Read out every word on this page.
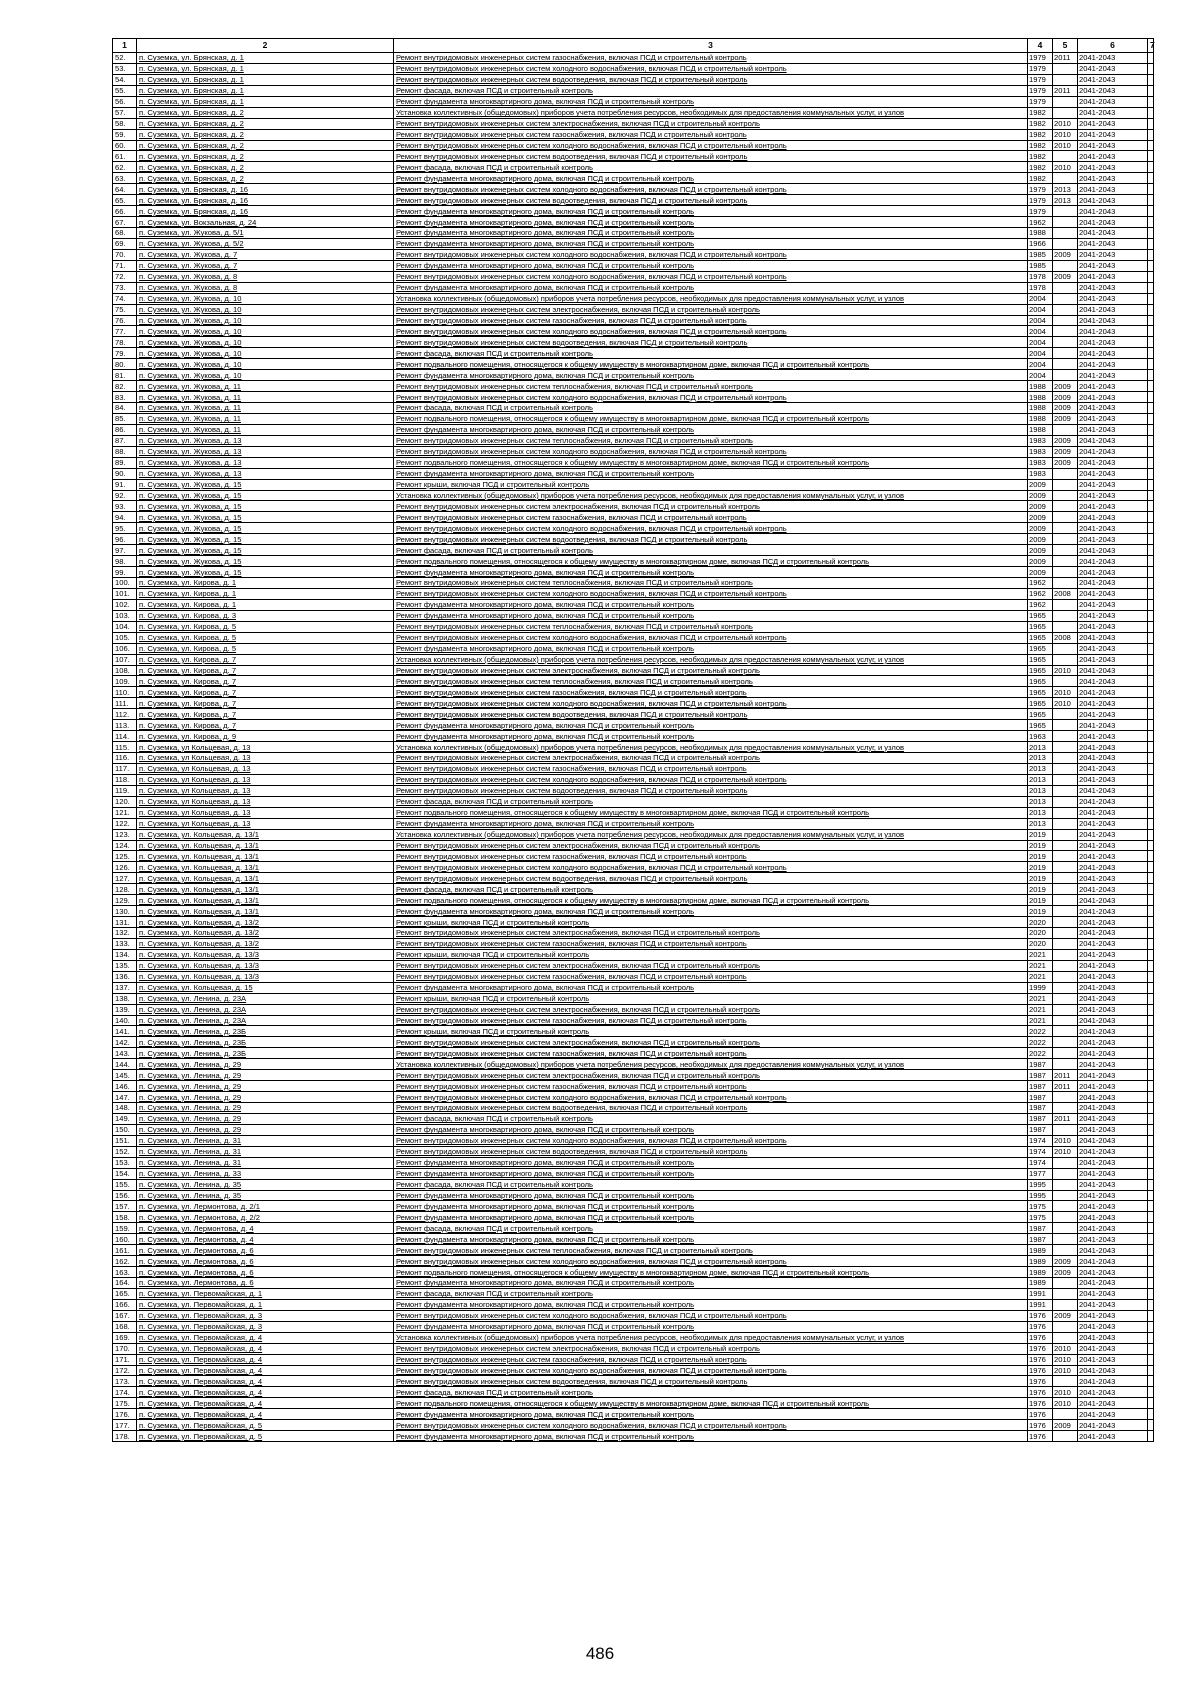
1	2	3	4	5	6	7
52.	п. Суземка, ул. Брянская, д. 1	Ремонт внутридомовых инженерных систем газоснабжения, включая ПСД и строительный контроль	1979	2011	2041-2043	
53.	п. Суземка, ул. Брянская, д. 1	Ремонт внутридомовых инженерных систем холодного водоснабжения, включая ПСД и строительный контроль	1979		2041-2043	
54.	п. Суземка, ул. Брянская, д. 1	Ремонт внутридомовых инженерных систем водоотведения, включая ПСД и строительный контроль	1979		2041-2043	
55.	п. Суземка, ул. Брянская, д. 1	Ремонт фасада, включая ПСД и строительный контроль	1979	2011	2041-2043	
56.	п. Суземка, ул. Брянская, д. 1	Ремонт фундамента многоквартирного дома, включая ПСД и строительный контроль	1979		2041-2043	
57.	п. Суземка, ул. Брянская, д. 2	Установка коллективных (общедомовых) приборов учета потребления ресурсов, необходимых для предоставления коммунальных услуг, и узлов	1982		2041-2043	
58.	п. Суземка, ул. Брянская, д. 2	Ремонт внутридомовых инженерных систем электроснабжения, включая ПСД и строительный контроль	1982	2010	2041-2043	
59.	п. Суземка, ул. Брянская, д. 2	Ремонт внутридомовых инженерных систем газоснабжения, включая ПСД и строительный контроль	1982	2010	2041-2043	
60.	п. Суземка, ул. Брянская, д. 2	Ремонт внутридомовых инженерных систем холодного водоснабжения, включая ПСД и строительный контроль	1982	2010	2041-2043	
61.	п. Суземка, ул. Брянская, д. 2	Ремонт внутридомовых инженерных систем водоотведения, включая ПСД и строительный контроль	1982		2041-2043	
62.	п. Суземка, ул. Брянская, д. 2	Ремонт фасада, включая ПСД и строительный контроль	1982	2010	2041-2043	
63.	п. Суземка, ул. Брянская, д. 2	Ремонт фундамента многоквартирного дома, включая ПСД и строительный контроль	1982		2041-2043	
64.	п. Суземка, ул. Брянская, д. 16	Ремонт внутридомовых инженерных систем холодного водоснабжения, включая ПСД и строительный контроль	1979	2013	2041-2043	
65.	п. Суземка, ул. Брянская, д. 16	Ремонт внутридомовых инженерных систем водоотведения, включая ПСД и строительный контроль	1979	2013	2041-2043	
66.	п. Суземка, ул. Брянская, д. 16	Ремонт фундамента многоквартирного дома, включая ПСД и строительный контроль	1979		2041-2043	
67.	п. Суземка, ул. Вокзальная, д. 24	Ремонт фундамента многоквартирного дома, включая ПСД и строительный контроль	1962		2041-2043	
68.	п. Суземка, ул. Жукова, д. 5/1	Ремонт фундамента многоквартирного дома, включая ПСД и строительный контроль	1988		2041-2043	
69.	п. Суземка, ул. Жукова, д. 5/2	Ремонт фундамента многоквартирного дома, включая ПСД и строительный контроль	1966		2041-2043	
70.	п. Суземка, ул. Жукова, д. 7	Ремонт внутридомовых инженерных систем холодного водоснабжения, включая ПСД и строительный контроль	1985	2009	2041-2043	
71.	п. Суземка, ул. Жукова, д. 7	Ремонт фундамента многоквартирного дома, включая ПСД и строительный контроль	1985		2041-2043	
72.	п. Суземка, ул. Жукова, д. 8	Ремонт внутридомовых инженерных систем холодного водоснабжения, включая ПСД и строительный контроль	1978	2009	2041-2043	
73.	п. Суземка, ул. Жукова, д. 8	Ремонт фундамента многоквартирного дома, включая ПСД и строительный контроль	1978		2041-2043	
74.	п. Суземка, ул. Жукова, д. 10	Установка коллективных (общедомовых) приборов учета потребления ресурсов, необходимых для предоставления коммунальных услуг, и узлов	2004		2041-2043	
75.	п. Суземка, ул. Жукова, д. 10	Ремонт внутридомовых инженерных систем электроснабжения, включая ПСД и строительный контроль	2004		2041-2043	
76.	п. Суземка, ул. Жукова, д. 10	Ремонт внутридомовых инженерных систем газоснабжения, включая ПСД и строительный контроль	2004		2041-2043	
77.	п. Суземка, ул. Жукова, д. 10	Ремонт внутридомовых инженерных систем холодного водоснабжения, включая ПСД и строительный контроль	2004		2041-2043	
78.	п. Суземка, ул. Жукова, д. 10	Ремонт внутридомовых инженерных систем водоотведения, включая ПСД и строительный контроль	2004		2041-2043	
79.	п. Суземка, ул. Жукова, д. 10	Ремонт фасада, включая ПСД и строительный контроль	2004		2041-2043	
80.	п. Суземка, ул. Жукова, д. 10	Ремонт подвального помещения, относящегося к общему имуществу в многоквартирном доме, включая ПСД и строительный контроль	2004		2041-2043	
81.	п. Суземка, ул. Жукова, д. 10	Ремонт фундамента многоквартирного дома, включая ПСД и строительный контроль	2004		2041-2043	
82.	п. Суземка, ул. Жукова, д. 11	Ремонт внутридомовых инженерных систем теплоснабжения, включая ПСД и строительный контроль	1988	2009	2041-2043	
83.	п. Суземка, ул. Жукова, д. 11	Ремонт внутридомовых инженерных систем холодного водоснабжения, включая ПСД и строительный контроль	1988	2009	2041-2043	
84.	п. Суземка, ул. Жукова, д. 11	Ремонт фасада, включая ПСД и строительный контроль	1988	2009	2041-2043	
85.	п. Суземка, ул. Жукова, д. 11	Ремонт подвального помещения, относящегося к общему имуществу в многоквартирном доме, включая ПСД и строительный контроль	1988	2009	2041-2043	
86.	п. Суземка, ул. Жукова, д. 11	Ремонт фундамента многоквартирного дома, включая ПСД и строительный контроль	1988		2041-2043	
87.	п. Суземка, ул. Жукова, д. 13	Ремонт внутридомовых инженерных систем теплоснабжения, включая ПСД и строительный контроль	1983	2009	2041-2043	
88.	п. Суземка, ул. Жукова, д. 13	Ремонт внутридомовых инженерных систем холодного водоснабжения, включая ПСД и строительный контроль	1983	2009	2041-2043	
89.	п. Суземка, ул. Жукова, д. 13	Ремонт подвального помещения, относящегося к общему имуществу в многоквартирном доме, включая ПСД и строительный контроль	1983	2009	2041-2043	
90.	п. Суземка, ул. Жукова, д. 13	Ремонт фундамента многоквартирного дома, включая ПСД и строительный контроль	1983		2041-2043	
91.	п. Суземка, ул. Жукова, д. 15	Ремонт крыши, включая ПСД и строительный контроль	2009		2041-2043	
92.	п. Суземка, ул. Жукова, д. 15	Установка коллективных (общедомовых) приборов учета потребления ресурсов, необходимых для предоставления коммунальных услуг, и узлов	2009		2041-2043	
93.	п. Суземка, ул. Жукова, д. 15	Ремонт внутридомовых инженерных систем электроснабжения, включая ПСД и строительный контроль	2009		2041-2043	
94.	п. Суземка, ул. Жукова, д. 15	Ремонт внутридомовых инженерных систем газоснабжения, включая ПСД и строительный контроль	2009		2041-2043	
95.	п. Суземка, ул. Жукова, д. 15	Ремонт внутридомовых инженерных систем холодного водоснабжения, включая ПСД и строительный контроль	2009		2041-2043	
96.	п. Суземка, ул. Жукова, д. 15	Ремонт внутридомовых инженерных систем водоотведения, включая ПСД и строительный контроль	2009		2041-2043	
97.	п. Суземка, ул. Жукова, д. 15	Ремонт фасада, включая ПСД и строительный контроль	2009		2041-2043	
98.	п. Суземка, ул. Жукова, д. 15	Ремонт подвального помещения, относящегося к общему имуществу в многоквартирном доме, включая ПСД и строительный контроль	2009		2041-2043	
99.	п. Суземка, ул. Жукова, д. 15	Ремонт фундамента многоквартирного дома, включая ПСД и строительный контроль	2009		2041-2043	
100.	п. Суземка, ул. Кирова, д. 1	Ремонт внутридомовых инженерных систем теплоснабжения, включая ПСД и строительный контроль	1962		2041-2043	
101.	п. Суземка, ул. Кирова, д. 1	Ремонт внутридомовых инженерных систем холодного водоснабжения, включая ПСД и строительный контроль	1962	2008	2041-2043	
102.	п. Суземка, ул. Кирова, д. 1	Ремонт фундамента многоквартирного дома, включая ПСД и строительный контроль	1962		2041-2043	
103.	п. Суземка, ул. Кирова, д. 3	Ремонт фундамента многоквартирного дома, включая ПСД и строительный контроль	1965		2041-2043	
104.	п. Суземка, ул. Кирова, д. 5	Ремонт внутридомовых инженерных систем теплоснабжения, включая ПСД и строительный контроль	1965		2041-2043	
105.	п. Суземка, ул. Кирова, д. 5	Ремонт внутридомовых инженерных систем холодного водоснабжения, включая ПСД и строительный контроль	1965	2008	2041-2043	
106.	п. Суземка, ул. Кирова, д. 5	Ремонт фундамента многоквартирного дома, включая ПСД и строительный контроль	1965		2041-2043	
107.	п. Суземка, ул. Кирова, д. 7	Установка коллективных (общедомовых) приборов учета потребления ресурсов, необходимых для предоставления коммунальных услуг, и узлов	1965		2041-2043	
108.	п. Суземка, ул. Кирова, д. 7	Ремонт внутридомовых инженерных систем электроснабжения, включая ПСД и строительный контроль	1965	2010	2041-2043	
109.	п. Суземка, ул. Кирова, д. 7	Ремонт внутридомовых инженерных систем теплоснабжения, включая ПСД и строительный контроль	1965		2041-2043	
110.	п. Суземка, ул. Кирова, д. 7	Ремонт внутридомовых инженерных систем газоснабжения, включая ПСД и строительный контроль	1965	2010	2041-2043	
111.	п. Суземка, ул. Кирова, д. 7	Ремонт внутридомовых инженерных систем холодного водоснабжения, включая ПСД и строительный контроль	1965	2010	2041-2043	
112.	п. Суземка, ул. Кирова, д. 7	Ремонт внутридомовых инженерных систем водоотведения, включая ПСД и строительный контроль	1965		2041-2043	
113.	п. Суземка, ул. Кирова, д. 7	Ремонт фундамента многоквартирного дома, включая ПСД и строительный контроль	1965		2041-2043	
114.	п. Суземка, ул. Кирова, д. 9	Ремонт фундамента многоквартирного дома, включая ПСД и строительный контроль	1963		2041-2043	
115.	п. Суземка, ул Кольцевая, д. 13	Установка коллективных (общедомовых) приборов учета потребления ресурсов, необходимых для предоставления коммунальных услуг, и узлов	2013		2041-2043	
116.	п. Суземка, ул Кольцевая, д. 13	Ремонт внутридомовых инженерных систем электроснабжения, включая ПСД и строительный контроль	2013		2041-2043	
117.	п. Суземка, ул Кольцевая, д. 13	Ремонт внутридомовых инженерных систем газоснабжения, включая ПСД и строительный контроль	2013		2041-2043	
118.	п. Суземка, ул Кольцевая, д. 13	Ремонт внутридомовых инженерных систем холодного водоснабжения, включая ПСД и строительный контроль	2013		2041-2043	
119.	п. Суземка, ул Кольцевая, д. 13	Ремонт внутридомовых инженерных систем водоотведения, включая ПСД и строительный контроль	2013		2041-2043	
120.	п. Суземка, ул Кольцевая, д. 13	Ремонт фасада, включая ПСД и строительный контроль	2013		2041-2043	
121.	п. Суземка, ул Кольцевая, д. 13	Ремонт подвального помещения, относящегося к общему имуществу в многоквартирном доме, включая ПСД и строительный контроль	2013		2041-2043	
122.	п. Суземка, ул Кольцевая, д. 13	Ремонт фундамента многоквартирного дома, включая ПСД и строительный контроль	2013		2041-2043	
123.	п. Суземка, ул. Кольцевая, д. 13/1	Установка коллективных (общедомовых) приборов учета потребления ресурсов, необходимых для предоставления коммунальных услуг, и узлов	2019		2041-2043	
124.	п. Суземка, ул. Кольцевая, д. 13/1	Ремонт внутридомовых инженерных систем электроснабжения, включая ПСД и строительный контроль	2019		2041-2043	
125.	п. Суземка, ул. Кольцевая, д. 13/1	Ремонт внутридомовых инженерных систем газоснабжения, включая ПСД и строительный контроль	2019		2041-2043	
126.	п. Суземка, ул. Кольцевая, д. 13/1	Ремонт внутридомовых инженерных систем холодного водоснабжения, включая ПСД и строительный контроль	2019		2041-2043	
127.	п. Суземка, ул. Кольцевая, д. 13/1	Ремонт внутридомовых инженерных систем водоотведения, включая ПСД и строительный контроль	2019		2041-2043	
128.	п. Суземка, ул. Кольцевая, д. 13/1	Ремонт фасада, включая ПСД и строительный контроль	2019		2041-2043	
129.	п. Суземка, ул. Кольцевая, д. 13/1	Ремонт подвального помещения, относящегося к общему имуществу в многоквартирном доме, включая ПСД и строительный контроль	2019		2041-2043	
130.	п. Суземка, ул. Кольцевая, д. 13/1	Ремонт фундамента многоквартирного дома, включая ПСД и строительный контроль	2019		2041-2043	
131.	п. Суземка, ул. Кольцевая, д. 13/2	Ремонт крыши, включая ПСД и строительный контроль	2020		2041-2043	
132.	п. Суземка, ул. Кольцевая, д. 13/2	Ремонт внутридомовых инженерных систем электроснабжения, включая ПСД и строительный контроль	2020		2041-2043	
133.	п. Суземка, ул. Кольцевая, д. 13/2	Ремонт внутридомовых инженерных систем газоснабжения, включая ПСД и строительный контроль	2020		2041-2043	
134.	п. Суземка, ул. Кольцевая, д. 13/3	Ремонт крыши, включая ПСД и строительный контроль	2021		2041-2043	
135.	п. Суземка, ул. Кольцевая, д. 13/3	Ремонт внутридомовых инженерных систем электроснабжения, включая ПСД и строительный контроль	2021		2041-2043	
136.	п. Суземка, ул. Кольцевая, д. 13/3	Ремонт внутридомовых инженерных систем газоснабжения, включая ПСД и строительный контроль	2021		2041-2043	
137.	п. Суземка, ул. Кольцевая, д. 15	Ремонт фундамента многоквартирного дома, включая ПСД и строительный контроль	1999		2041-2043	
138.	п. Суземка, ул. Ленина, д. 23А	Ремонт крыши, включая ПСД и строительный контроль	2021		2041-2043	
139.	п. Суземка, ул. Ленина, д. 23А	Ремонт внутридомовых инженерных систем электроснабжения, включая ПСД и строительный контроль	2021		2041-2043	
140.	п. Суземка, ул. Ленина, д. 23А	Ремонт внутридомовых инженерных систем газоснабжения, включая ПСД и строительный контроль	2021		2041-2043	
141.	п. Суземка, ул. Ленина, д. 23Б	Ремонт крыши, включая ПСД и строительный контроль	2022		2041-2043	
142.	п. Суземка, ул. Ленина, д. 23Б	Ремонт внутридомовых инженерных систем электроснабжения, включая ПСД и строительный контроль	2022		2041-2043	
143.	п. Суземка, ул. Ленина, д. 23Б	Ремонт внутридомовых инженерных систем газоснабжения, включая ПСД и строительный контроль	2022		2041-2043	
144.	п. Суземка, ул. Ленина, д. 29	Установка коллективных (общедомовых) приборов учета потребления ресурсов, необходимых для предоставления коммунальных услуг, и узлов	1987		2041-2043	
145.	п. Суземка, ул. Ленина, д. 29	Ремонт внутридомовых инженерных систем электроснабжения, включая ПСД и строительный контроль	1987	2011	2041-2043	
146.	п. Суземка, ул. Ленина, д. 29	Ремонт внутридомовых инженерных систем газоснабжения, включая ПСД и строительный контроль	1987	2011	2041-2043	
147.	п. Суземка, ул. Ленина, д. 29	Ремонт внутридомовых инженерных систем холодного водоснабжения, включая ПСД и строительный контроль	1987		2041-2043	
148.	п. Суземка, ул. Ленина, д. 29	Ремонт внутридомовых инженерных систем водоотведения, включая ПСД и строительный контроль	1987		2041-2043	
149.	п. Суземка, ул. Ленина, д. 29	Ремонт фасада, включая ПСД и строительный контроль	1987	2011	2041-2043	
150.	п. Суземка, ул. Ленина, д. 29	Ремонт фундамента многоквартирного дома, включая ПСД и строительный контроль	1987		2041-2043	
151.	п. Суземка, ул. Ленина, д. 31	Ремонт внутридомовых инженерных систем холодного водоснабжения, включая ПСД и строительный контроль	1974	2010	2041-2043	
152.	п. Суземка, ул. Ленина, д. 31	Ремонт внутридомовых инженерных систем водоотведения, включая ПСД и строительный контроль	1974	2010	2041-2043	
153.	п. Суземка, ул. Ленина, д. 31	Ремонт фундамента многоквартирного дома, включая ПСД и строительный контроль	1974		2041-2043	
154.	п. Суземка, ул. Ленина, д. 33	Ремонт фундамента многоквартирного дома, включая ПСД и строительный контроль	1977		2041-2043	
155.	п. Суземка, ул. Ленина, д. 35	Ремонт фасада, включая ПСД и строительный контроль	1995		2041-2043	
156.	п. Суземка, ул. Ленина, д. 35	Ремонт фундамента многоквартирного дома, включая ПСД и строительный контроль	1995		2041-2043	
157.	п. Суземка, ул. Лермонтова, д. 2/1	Ремонт фундамента многоквартирного дома, включая ПСД и строительный контроль	1975		2041-2043	
158.	п. Суземка, ул. Лермонтова, д. 2/2	Ремонт фундамента многоквартирного дома, включая ПСД и строительный контроль	1975		2041-2043	
159.	п. Суземка, ул. Лермонтова, д. 4	Ремонт фасада, включая ПСД и строительный контроль	1987		2041-2043	
160.	п. Суземка, ул. Лермонтова, д. 4	Ремонт фундамента многоквартирного дома, включая ПСД и строительный контроль	1987		2041-2043	
161.	п. Суземка, ул. Лермонтова, д. 6	Ремонт внутридомовых инженерных систем теплоснабжения, включая ПСД и строительный контроль	1989		2041-2043	
162.	п. Суземка, ул. Лермонтова, д. 6	Ремонт внутридомовых инженерных систем холодного водоснабжения, включая ПСД и строительный контроль	1989	2009	2041-2043	
163.	п. Суземка, ул. Лермонтова, д. 6	Ремонт подвального помещения, относящегося к общему имуществу в многоквартирном доме, включая ПСД и строительный контроль	1989	2009	2041-2043	
164.	п. Суземка, ул. Лермонтова, д. 6	Ремонт фундамента многоквартирного дома, включая ПСД и строительный контроль	1989		2041-2043	
165.	п. Суземка, ул. Первомайская, д. 1	Ремонт фасада, включая ПСД и строительный контроль	1991		2041-2043	
166.	п. Суземка, ул. Первомайская, д. 1	Ремонт фундамента многоквартирного дома, включая ПСД и строительный контроль	1991		2041-2043	
167.	п. Суземка, ул. Первомайская, д. 3	Ремонт внутридомовых инженерных систем холодного водоснабжения, включая ПСД и строительный контроль	1976	2009	2041-2043	
168.	п. Суземка, ул. Первомайская, д. 3	Ремонт фундамента многоквартирного дома, включая ПСД и строительный контроль	1976		2041-2043	
169.	п. Суземка, ул. Первомайская, д. 4	Установка коллективных (общедомовых) приборов учета потребления ресурсов, необходимых для предоставления коммунальных услуг, и узлов	1976		2041-2043	
170.	п. Суземка, ул. Первомайская, д. 4	Ремонт внутридомовых инженерных систем электроснабжения, включая ПСД и строительный контроль	1976	2010	2041-2043	
171.	п. Суземка, ул. Первомайская, д. 4	Ремонт внутридомовых инженерных систем газоснабжения, включая ПСД и строительный контроль	1976	2010	2041-2043	
172.	п. Суземка, ул. Первомайская, д. 4	Ремонт внутридомовых инженерных систем холодного водоснабжения, включая ПСД и строительный контроль	1976	2010	2041-2043	
173.	п. Суземка, ул. Первомайская, д. 4	Ремонт внутридомовых инженерных систем водоотведения, включая ПСД и строительный контроль	1976		2041-2043	
174.	п. Суземка, ул. Первомайская, д. 4	Ремонт фасада, включая ПСД и строительный контроль	1976	2010	2041-2043	
175.	п. Суземка, ул. Первомайская, д. 4	Ремонт подвального помещения, относящегося к общему имуществу в многоквартирном доме, включая ПСД и строительный контроль	1976	2010	2041-2043	
176.	п. Суземка, ул. Первомайская, д. 4	Ремонт фундамента многоквартирного дома, включая ПСД и строительный контроль	1976		2041-2043	
177.	п. Суземка, ул. Первомайская, д. 5	Ремонт внутридомовых инженерных систем холодного водоснабжения, включая ПСД и строительный контроль	1976	2009	2041-2043	
178.	п. Суземка, ул. Первомайская, д. 5	Ремонт фундамента многоквартирного дома, включая ПСД и строительный контроль	1976		2041-2043	
486
